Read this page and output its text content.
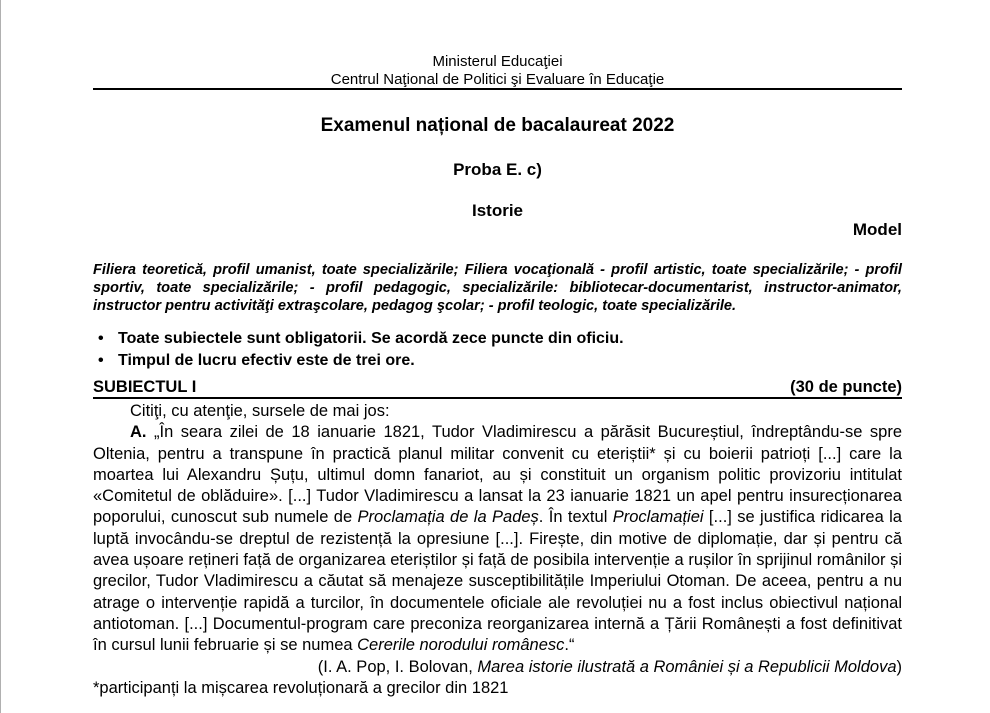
Ministerul Educaţiei
Centrul Naţional de Politici şi Evaluare în Educaţie
Examenul național de bacalaureat 2022
Proba E. c)
Istorie
Model
Filiera teoretică, profil umanist, toate specializările; Filiera vocaţională - profil artistic, toate specializările; - profil sportiv, toate specializările; - profil pedagogic, specializările: bibliotecar-documentarist, instructor-animator, instructor pentru activităţi extraşcolare, pedagog şcolar; - profil teologic, toate specializările.
• Toate subiectele sunt obligatorii. Se acordă zece puncte din oficiu.
• Timpul de lucru efectiv este de trei ore.
SUBIECTUL I	(30 de puncte)
Citiţi, cu atenţie, sursele de mai jos:
A. „În seara zilei de 18 ianuarie 1821, Tudor Vladimirescu a părăsit Bucureștiul, îndreptându-se spre Oltenia, pentru a transpune în practică planul militar convenit cu eteriștii* și cu boierii patrioți [...] care la moartea lui Alexandru Șuțu, ultimul domn fanariot, au și constituit un organism politic provizoriu intitulat «Comitetul de oblăduire». [...] Tudor Vladimirescu a lansat la 23 ianuarie 1821 un apel pentru insurecționarea poporului, cunoscut sub numele de Proclamația de la Padeș. În textul Proclamației [...] se justifica ridicarea la luptă invocându-se dreptul de rezistență la opresiune [...]. Firește, din motive de diplomație, dar și pentru că avea ușoare rețineri față de organizarea eteriștilor și față de posibila intervenție a rușilor în sprijinul românilor și grecilor, Tudor Vladimirescu a căutat să menajeze susceptibilitățile Imperiului Otoman. De aceea, pentru a nu atrage o intervenție rapidă a turcilor, în documentele oficiale ale revoluției nu a fost inclus obiectivul național antiotoman. [...] Documentul-program care preconiza reorganizarea internă a Țării Românești a fost definitivat în cursul lunii februarie și se numea Cererile norodului românesc.“
(I. A. Pop, I. Bolovan, Marea istorie ilustrată a României și a Republicii Moldova)
*participanți la mișcarea revoluționară a grecilor din 1821
